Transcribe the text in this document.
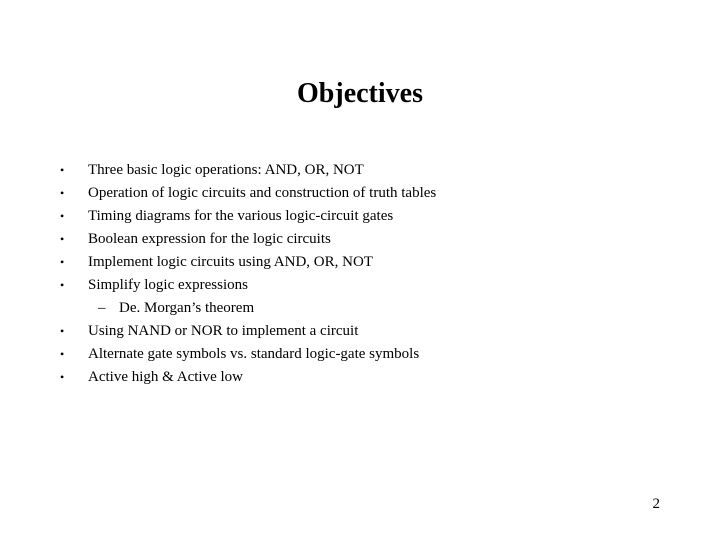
Objectives
• Three basic logic operations: AND, OR, NOT
• Operation of logic circuits and construction of truth tables
• Timing diagrams for the various logic-circuit gates
• Boolean expression for the logic circuits
• Implement logic circuits using AND, OR, NOT
• Simplify logic expressions
– De. Morgan’s theorem
• Using NAND or NOR to implement a circuit
• Alternate gate symbols vs. standard logic-gate symbols
• Active high & Active low
2
